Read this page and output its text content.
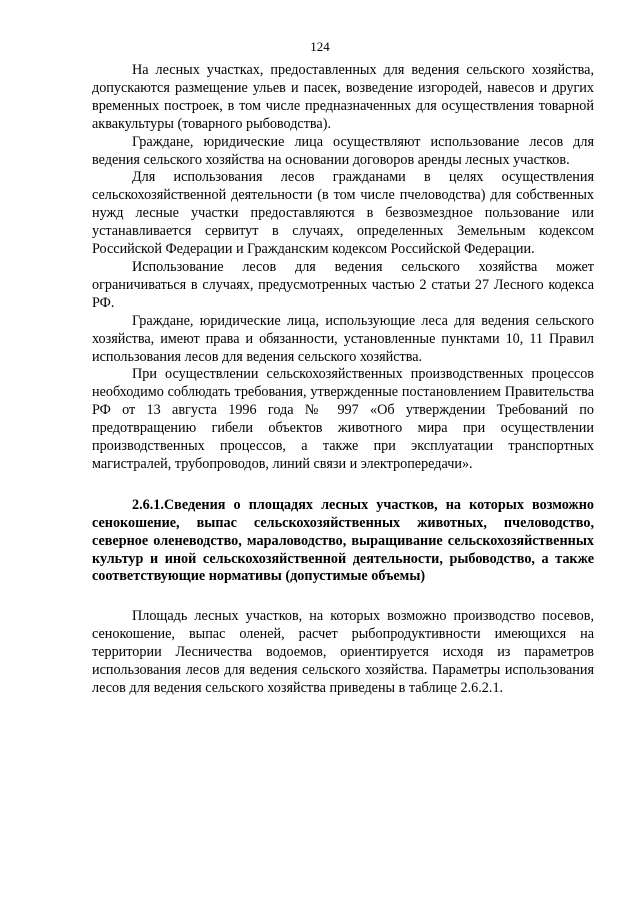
124

На лесных участках, предоставленных для ведения сельского хозяйства, допускаются размещение ульев и пасек, возведение изгородей, навесов и других временных построек, в том числе предназначенных для осуществления товарной аквакультуры (товарного рыбоводства).

Граждане, юридические лица осуществляют использование лесов для ведения сельского хозяйства на основании договоров аренды лесных участков.

Для использования лесов гражданами в целях осуществления сельскохозяйственной деятельности (в том числе пчеловодства) для собственных нужд лесные участки предоставляются в безвозмездное пользование или устанавливается сервитут в случаях, определенных Земельным кодексом Российской Федерации и Гражданским кодексом Российской Федерации.

Использование лесов для ведения сельского хозяйства может ограничиваться в случаях, предусмотренных частью 2 статьи 27 Лесного кодекса РФ.

Граждане, юридические лица, использующие леса для ведения сельского хозяйства, имеют права и обязанности, установленные пунктами 10, 11 Правил использования лесов для ведения сельского хозяйства.

При осуществлении сельскохозяйственных производственных процессов необходимо соблюдать требования, утвержденные постановлением Правительства РФ от 13 августа 1996 года № 997 «Об утверждении Требований по предотвращению гибели объектов животного мира при осуществлении производственных процессов, а также при эксплуатации транспортных магистралей, трубопроводов, линий связи и электропередачи».

2.6.1.Сведения о площадях лесных участков, на которых возможно сенокошение, выпас сельскохозяйственных животных, пчеловодство, северное оленеводство, мараловодство, выращивание сельскохозяйственных культур и иной сельскохозяйственной деятельности, рыбоводство, а также соответствующие нормативы (допустимые объемы)

Площадь лесных участков, на которых возможно производство посевов, сенокошение, выпас оленей, расчет рыбопродуктивности имеющихся на территории Лесничества водоемов, ориентируется исходя из параметров использования лесов для ведения сельского хозяйства. Параметры использования лесов для ведения сельского хозяйства приведены в таблице 2.6.2.1.
